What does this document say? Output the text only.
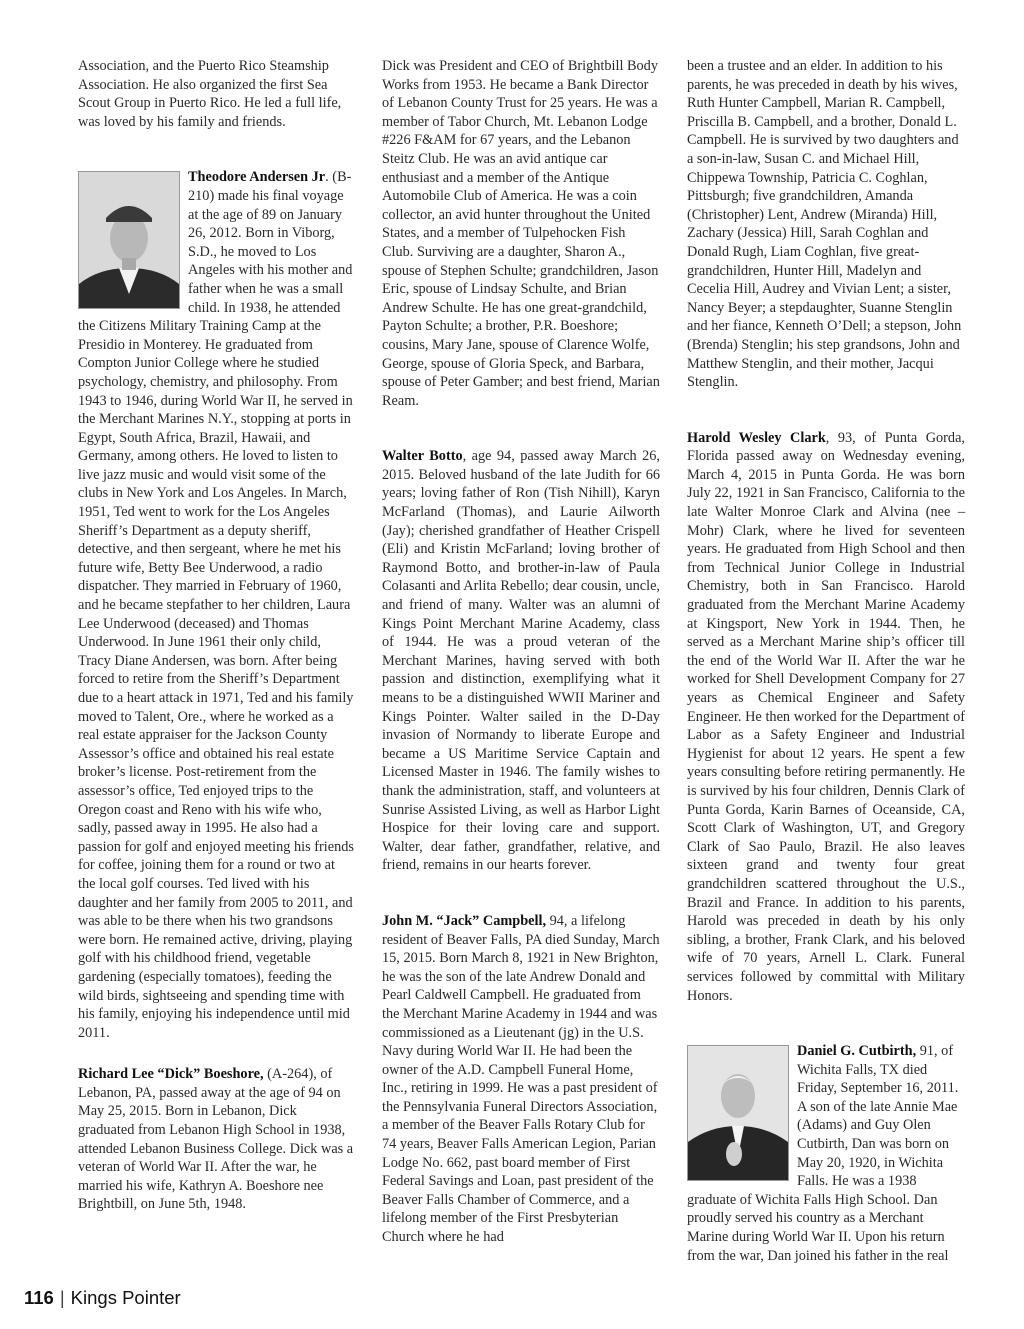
Association, and the Puerto Rico Steamship Association. He also organized the first Sea Scout Group in Puerto Rico. He led a full life, was loved by his family and friends.

Theodore Andersen Jr. (B-210) made his final voyage at the age of 89 on January 26, 2012. Born in Viborg, S.D., he moved to Los Angeles with his mother and father when he was a small child. In 1938, he attended the Citizens Military Training Camp at the Presidio in Monterey. He graduated from Compton Junior College where he studied psychology, chemistry, and philosophy. From 1943 to 1946, during World War II, he served in the Merchant Marines N.Y., stopping at ports in Egypt, South Africa, Brazil, Hawaii, and Germany, among others. He loved to listen to live jazz music and would visit some of the clubs in New York and Los Angeles. In March, 1951, Ted went to work for the Los Angeles Sheriff’s Department as a deputy sheriff, detective, and then sergeant, where he met his future wife, Betty Bee Underwood, a radio dispatcher. They married in February of 1960, and he became stepfather to her children, Laura Lee Underwood (deceased) and Thomas Underwood. In June 1961 their only child, Tracy Diane Andersen, was born. After being forced to retire from the Sheriff’s Department due to a heart attack in 1971, Ted and his family moved to Talent, Ore., where he worked as a real estate appraiser for the Jackson County Assessor’s office and obtained his real estate broker’s license. Post-retirement from the assessor’s office, Ted enjoyed trips to the Oregon coast and Reno with his wife who, sadly, passed away in 1995. He also had a passion for golf and enjoyed meeting his friends for coffee, joining them for a round or two at the local golf courses. Ted lived with his daughter and her family from 2005 to 2011, and was able to be there when his two grandsons were born. He remained active, driving, playing golf with his childhood friend, vegetable gardening (especially tomatoes), feeding the wild birds, sightseeing and spending time with his family, enjoying his independence until mid 2011.

Richard Lee “Dick” Boeshore, (A-264), of Lebanon, PA, passed away at the age of 94 on May 25, 2015. Born in Lebanon, Dick graduated from Lebanon High School in 1938, attended Lebanon Business College. Dick was a veteran of World War II. After the war, he married his wife, Kathryn A. Boeshore nee Brightbill, on June 5th, 1948.

Dick was President and CEO of Brightbill Body Works from 1953. He became a Bank Director of Lebanon County Trust for 25 years. He was a member of Tabor Church, Mt. Lebanon Lodge #226 F&AM for 67 years, and the Lebanon Steitz Club. He was an avid antique car enthusiast and a member of the Antique Automobile Club of America. He was a coin collector, an avid hunter throughout the United States, and a member of Tulpehocken Fish Club. Surviving are a daughter, Sharon A., spouse of Stephen Schulte; grandchildren, Jason Eric, spouse of Lindsay Schulte, and Brian Andrew Schulte. He has one great-grandchild, Payton Schulte; a brother, P.R. Boeshore; cousins, Mary Jane, spouse of Clarence Wolfe, George, spouse of Gloria Speck, and Barbara, spouse of Peter Gamber; and best friend, Marian Ream.

Walter Botto, age 94, passed away March 26, 2015. Beloved husband of the late Judith for 66 years; loving father of Ron (Tish Nihill), Karyn McFarland (Thomas), and Laurie Ailworth (Jay); cherished grandfather of Heather Crispell (Eli) and Kristin McFarland; loving brother of Raymond Botto, and brother-in-law of Paula Colasanti and Arlita Rebello; dear cousin, uncle, and friend of many. Walter was an alumni of Kings Point Merchant Marine Academy, class of 1944. He was a proud veteran of the Merchant Marines, having served with both passion and distinction, exemplifying what it means to be a distinguished WWII Mariner and Kings Pointer. Walter sailed in the D-Day invasion of Normandy to liberate Europe and became a US Maritime Service Captain and Licensed Master in 1946. The family wishes to thank the administration, staff, and volunteers at Sunrise Assisted Living, as well as Harbor Light Hospice for their loving care and support. Walter, dear father, grandfather, relative, and friend, remains in our hearts forever.

John M. “Jack” Campbell, 94, a lifelong resident of Beaver Falls, PA died Sunday, March 15, 2015. Born March 8, 1921 in New Brighton, he was the son of the late Andrew Donald and Pearl Caldwell Campbell. He graduated from the Merchant Marine Academy in 1944 and was commissioned as a Lieutenant (jg) in the U.S. Navy during World War II. He had been the owner of the A.D. Campbell Funeral Home, Inc., retiring in 1999. He was a past president of the Pennsylvania Funeral Directors Association, a member of the Beaver Falls Rotary Club for 74 years, Beaver Falls American Legion, Parian Lodge No. 662, past board member of First Federal Savings and Loan, past president of the Beaver Falls Chamber of Commerce, and a lifelong member of the First Presbyterian Church where he had

been a trustee and an elder. In addition to his parents, he was preceded in death by his wives, Ruth Hunter Campbell, Marian R. Campbell, Priscilla B. Campbell, and a brother, Donald L. Campbell. He is survived by two daughters and a son-in-law, Susan C. and Michael Hill, Chippewa Township, Patricia C. Coghlan, Pittsburgh; five grandchildren, Amanda (Christopher) Lent, Andrew (Miranda) Hill, Zachary (Jessica) Hill, Sarah Coghlan and Donald Rugh, Liam Coghlan, five great-grandchildren, Hunter Hill, Madelyn and Cecelia Hill, Audrey and Vivian Lent; a sister, Nancy Beyer; a stepdaughter, Suanne Stenglin and her fiance, Kenneth O’Dell; a stepson, John (Brenda) Stenglin; his step grandsons, John and Matthew Stenglin, and their mother, Jacqui Stenglin.

Harold Wesley Clark, 93, of Punta Gorda, Florida passed away on Wednesday evening, March 4, 2015 in Punta Gorda. He was born July 22, 1921 in San Francisco, California to the late Walter Monroe Clark and Alvina (nee – Mohr) Clark, where he lived for seventeen years. He graduated from High School and then from Technical Junior College in Industrial Chemistry, both in San Francisco. Harold graduated from the Merchant Marine Academy at Kingsport, New York in 1944. Then, he served as a Merchant Marine ship’s officer till the end of the World War II. After the war he worked for Shell Development Company for 27 years as Chemical Engineer and Safety Engineer. He then worked for the Department of Labor as a Safety Engineer and Industrial Hygienist for about 12 years. He spent a few years consulting before retiring permanently. He is survived by his four children, Dennis Clark of Punta Gorda, Karin Barnes of Oceanside, CA, Scott Clark of Washington, UT, and Gregory Clark of Sao Paulo, Brazil. He also leaves sixteen grand and twenty four great grandchildren scattered throughout the U.S., Brazil and France. In addition to his parents, Harold was preceded in death by his only sibling, a brother, Frank Clark, and his beloved wife of 70 years, Arnell L. Clark. Funeral services followed by committal with Military Honors.

Daniel G. Cutbirth, 91, of Wichita Falls, TX died Friday, September 16, 2011. A son of the late Annie Mae (Adams) and Guy Olen Cutbirth, Dan was born on May 20, 1920, in Wichita Falls. He was a 1938 graduate of Wichita Falls High School. Dan proudly served his country as a Merchant Marine during World War II. Upon his return from the war, Dan joined his father in the real

116 | Kings Pointer
